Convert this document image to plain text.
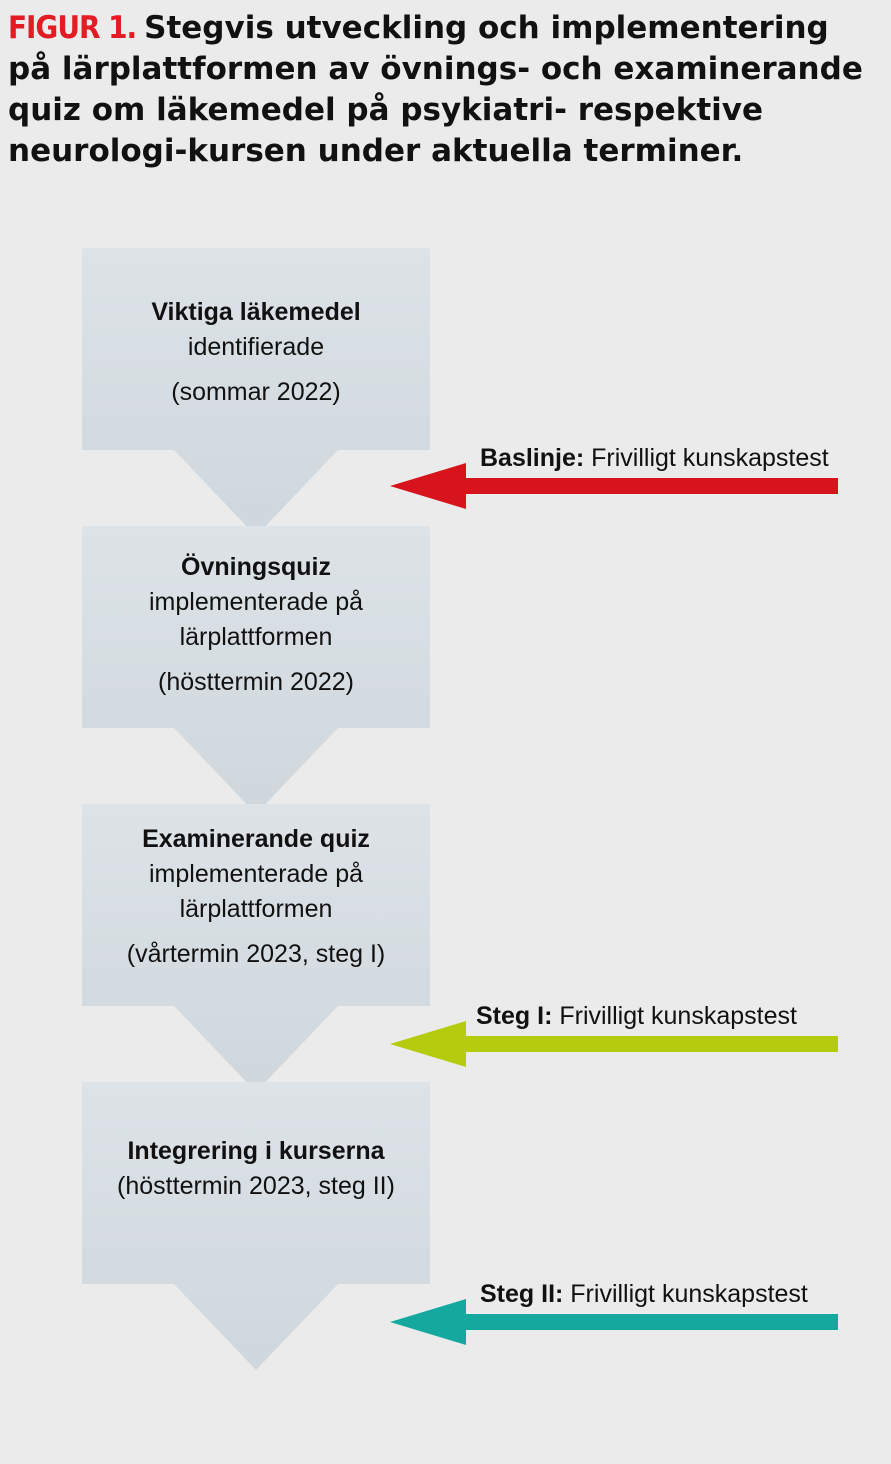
FIGUR 1. Stegvis utveckling och implementering på lärplattformen av övnings- och examinerande quiz om läkemedel på psykiatri- respektive neurologi-kursen under aktuella terminer.
Viktiga läkemedel
identifierade
(sommar 2022)
Övningsquiz
implementerade på
lärplattformen
(hösttermin 2022)
Examinerande quiz
implementerade på
lärplattformen
(vårtermin 2023, steg I)
Integrering i kurserna
(hösttermin 2023, steg II)
Baslinje: Frivilligt kunskapstest
Steg I: Frivilligt kunskapstest
Steg II: Frivilligt kunskapstest
